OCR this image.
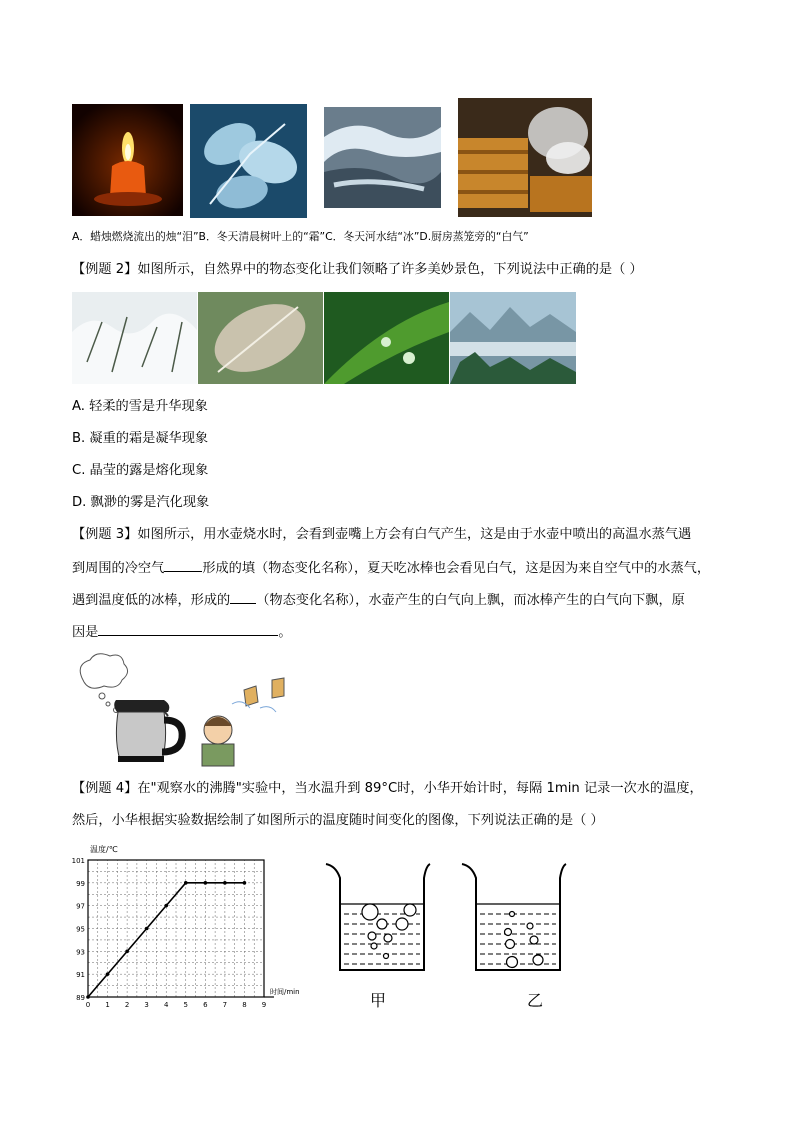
A．蜡烛燃烧流出的烛“泪”B．冬天清晨树叶上的“霜”C．冬天河水结“冰”D.厨房蒸笼旁的“白气”
【例题 2】如图所示，自然界中的物态变化让我们领略了许多美妙景色，下列说法中正确的是（ ）
A. 轻柔的雪是升华现象
B. 凝重的霜是凝华现象
C. 晶莹的露是熔化现象
D. 飘渺的雾是汽化现象
【例题 3】如图所示，用水壶烧水时，会看到壶嘴上方会有白气产生，这是由于水壶中喷出的高温水蒸气遇
到周围的冷空气	形成的填（物态变化名称），夏天吃冰棒也会看见白气，这是因为来自空气中的水蒸气，
遇到温度低的冰棒，形成的 （物态变化名称），水壶产生的白气向上飘，而冰棒产生的白气向下飘，原
因是	。
【例题 4】在"观察水的沸腾"实验中，当水温升到 89°C时，小华开始计时，每隔 1min 记录一次水的温度，
然后，小华根据实验数据绘制了如图所示的温度随时间变化的图像，下列说法正确的是（ ）
温度/℃
时间/min
0 1 2 3 4 5 6 7 8 9
89
91
93
95
97
99
101
甲	乙
